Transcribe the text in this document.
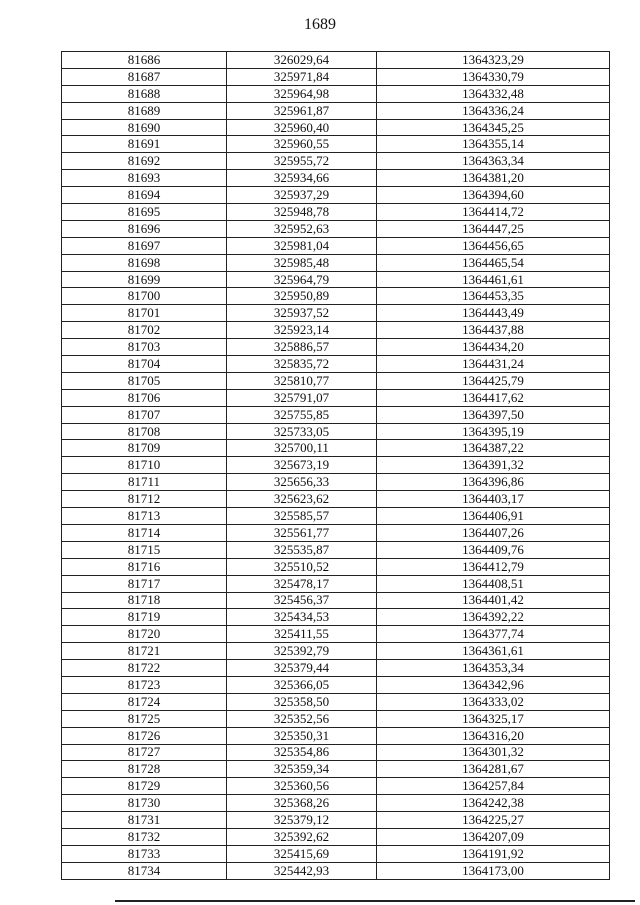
1689
81686	326029,64	1364323,29
81687	325971,84	1364330,79
81688	325964,98	1364332,48
81689	325961,87	1364336,24
81690	325960,40	1364345,25
81691	325960,55	1364355,14
81692	325955,72	1364363,34
81693	325934,66	1364381,20
81694	325937,29	1364394,60
81695	325948,78	1364414,72
81696	325952,63	1364447,25
81697	325981,04	1364456,65
81698	325985,48	1364465,54
81699	325964,79	1364461,61
81700	325950,89	1364453,35
81701	325937,52	1364443,49
81702	325923,14	1364437,88
81703	325886,57	1364434,20
81704	325835,72	1364431,24
81705	325810,77	1364425,79
81706	325791,07	1364417,62
81707	325755,85	1364397,50
81708	325733,05	1364395,19
81709	325700,11	1364387,22
81710	325673,19	1364391,32
81711	325656,33	1364396,86
81712	325623,62	1364403,17
81713	325585,57	1364406,91
81714	325561,77	1364407,26
81715	325535,87	1364409,76
81716	325510,52	1364412,79
81717	325478,17	1364408,51
81718	325456,37	1364401,42
81719	325434,53	1364392,22
81720	325411,55	1364377,74
81721	325392,79	1364361,61
81722	325379,44	1364353,34
81723	325366,05	1364342,96
81724	325358,50	1364333,02
81725	325352,56	1364325,17
81726	325350,31	1364316,20
81727	325354,86	1364301,32
81728	325359,34	1364281,67
81729	325360,56	1364257,84
81730	325368,26	1364242,38
81731	325379,12	1364225,27
81732	325392,62	1364207,09
81733	325415,69	1364191,92
81734	325442,93	1364173,00
